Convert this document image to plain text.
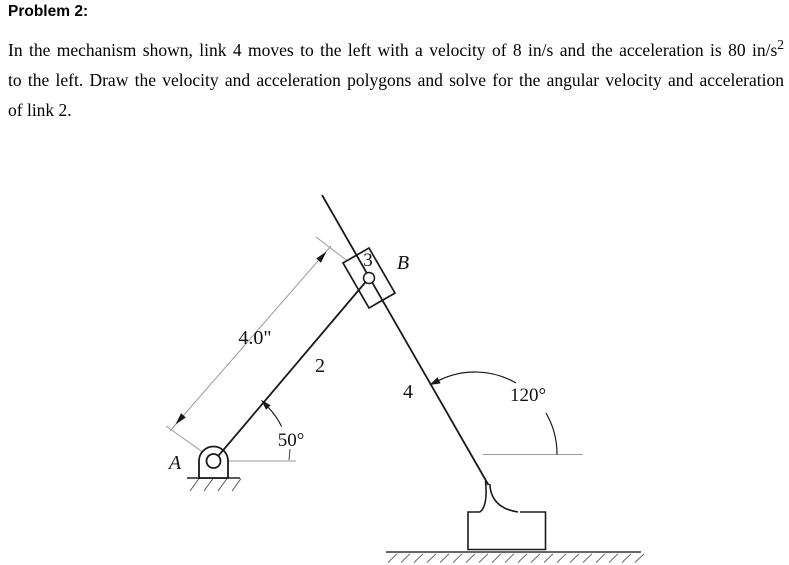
Problem 2:
In the mechanism shown, link 4 moves to the left with a velocity of 8 in/s and the acceleration is 80 $in/s^2$
to the left. Draw the velocity and acceleration polygons and solve for the angular velocity and acceleration
of link 2.
4.0"
2
3 B
A
4
50°
120°
